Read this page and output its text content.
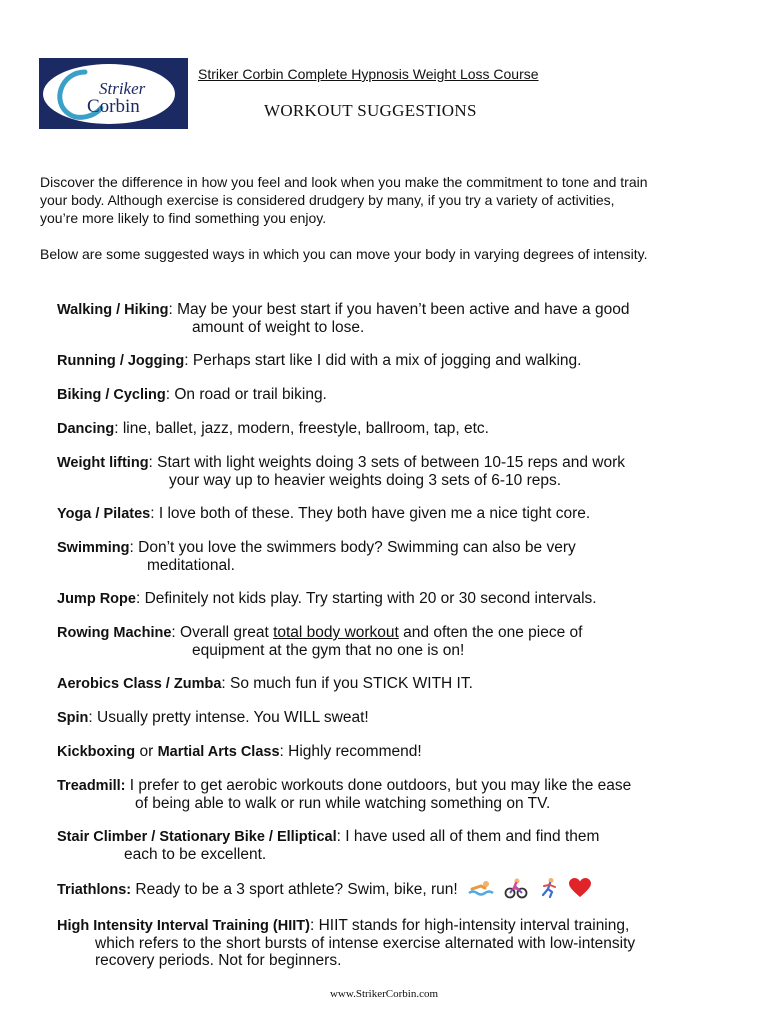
Striker
Corbin
Striker Corbin Complete Hypnosis Weight Loss Course
WORKOUT SUGGESTIONS

Discover the difference in how you feel and look when you make the commitment to tone and train
your body. Although exercise is considered drudgery by many, if you try a variety of activities,
you’re more likely to find something you enjoy.

Below are some suggested ways in which you can move your body in varying degrees of intensity.

Walking / Hiking: May be your best start if you haven’t been active and have a good
amount of weight to lose.
Running / Jogging: Perhaps start like I did with a mix of jogging and walking.
Biking / Cycling: On road or trail biking.
Dancing: line, ballet, jazz, modern, freestyle, ballroom, tap, etc.
Weight lifting: Start with light weights doing 3 sets of between 10-15 reps and work
your way up to heavier weights doing 3 sets of 6-10 reps.
Yoga / Pilates: I love both of these. They both have given me a nice tight core.
Swimming: Don’t you love the swimmers body? Swimming can also be very
meditational.
Jump Rope: Definitely not kids play. Try starting with 20 or 30 second intervals.
Rowing Machine: Overall great total body workout and often the one piece of
equipment at the gym that no one is on!
Aerobics Class / Zumba: So much fun if you STICK WITH IT.
Spin: Usually pretty intense. You WILL sweat!
Kickboxing or Martial Arts Class: Highly recommend!
Treadmill: I prefer to get aerobic workouts done outdoors, but you may like the ease
of being able to walk or run while watching something on TV.
Stair Climber / Stationary Bike / Elliptical: I have used all of them and find them
each to be excellent.
Triathlons: Ready to be a 3 sport athlete? Swim, bike, run!
High Intensity Interval Training (HIIT): HIIT stands for high-intensity interval training,
which refers to the short bursts of intense exercise alternated with low-intensity
recovery periods. Not for beginners.
www.StrikerCorbin.com
